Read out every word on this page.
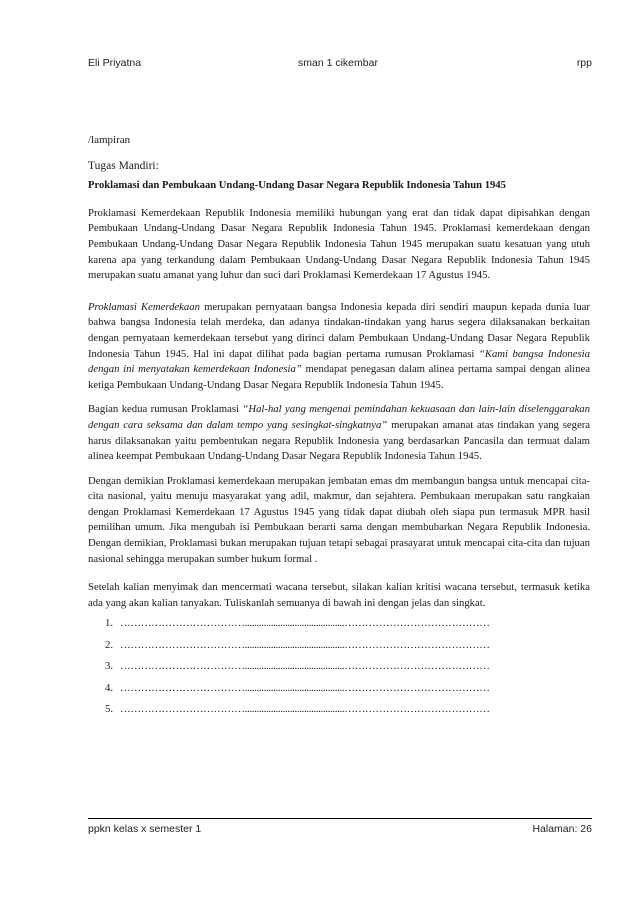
Eli Priyatna	sman 1 cikembar	rpp

/lampiran

Tugas Mandiri:

Proklamasi dan Pembukaan Undang-Undang Dasar Negara Republik Indonesia Tahun 1945

Proklamasi Kemerdekaan Republik Indonesia memiliki hubungan yang erat dan tidak dapat dipisahkan dengan Pembukaan Undang-Undang Dasar Negara Republik Indonesia Tahun 1945. Proklamasi kemerdekaan dengan Pembukaan Undang-Undang Dasar Negara Republik Indonesia Tahun 1945 merupakan suatu kesatuan yang utuh karena apa yang terkandung dalam Pembukaan Undang-Undang Dasar Negara Republik Indonesia Tahun 1945 merupakan suatu amanat yang luhur dan suci dari Proklamasi Kemerdekaan 17 Agustus 1945.

Proklamasi Kemerdekaan merupakan pernyataan bangsa Indonesia kepada diri sendiri maupun kepada dunia luar bahwa bangsa Indonesia telah merdeka, dan adanya tindakan-tindakan yang harus segera dilaksanakan berkaitan dengan pernyataan kemerdekaan tersebut yang dirinci dalam Pembukaan Undang-Undang Dasar Negara Republik Indonesia Tahun 1945. Hal ini dapat dilihat pada bagian pertama rumusan Proklamasi “Kami bangsa Indonesia dengan ini menyatakan kemerdekaan Indonesia” mendapat penegasan dalam alinea pertama sampai dengan alinea ketiga Pembukaan Undang-Undang Dasar Negara Republik Indonesia Tahun 1945.

Bagian kedua rumusan Proklamasi “Hal-hal yang mengenai pemindahan kekuasaan dan lain-lain diselenggarakan dengan cara seksama dan dalam tempo yang sesingkat-singkatnya” merupakan amanat atas tindakan yang segera harus dilaksanakan yaitu pembentukan negara Republik Indonesia yang berdasarkan Pancasila dan termuat dalam alinea keempat Pembukaan Undang-Undang Dasar Negara Republik Indonesia Tahun 1945.

Dengan demikian Proklamasi kemerdekaan merupakan jembatan emas dm membangun bangsa untuk mencapai cita-cita nasional, yaitu menuju masyarakat yang adil, makmur, dan sejahtera. Pembukaan merupakan satu rangkaian dengan Proklamasi Kemerdekaan 17 Agustus 1945 yang tidak dapat diubah oleh siapa pun termasuk MPR hasil pemilihan umum. Jika mengubah isi Pembukaan berarti sama dengan membubarkan Negara Republik Indonesia. Dengan demikian, Proklamasi bukan merupakan tujuan tetapi sebagai prasayarat untuk mencapai cita-cita dan tujuan nasional sehingga merupakan sumber hukum formal .

Setelah kalian menyimak dan mencermati wacana tersebut, silakan kalian kritisi wacana tersebut, termasuk ketika ada yang akan kalian tanyakan. Tuliskanlah semuanya di bawah ini dengan jelas dan singkat.

1. ………………………………..........................................……………………………………
2. ………………………………..........................................……………………………………
3. ………………………………..........................................……………………………………
4. ………………………………..........................................……………………………………
5. ………………………………..........................................……………………………………
ppkn kelas x semester 1	Halaman: 26
